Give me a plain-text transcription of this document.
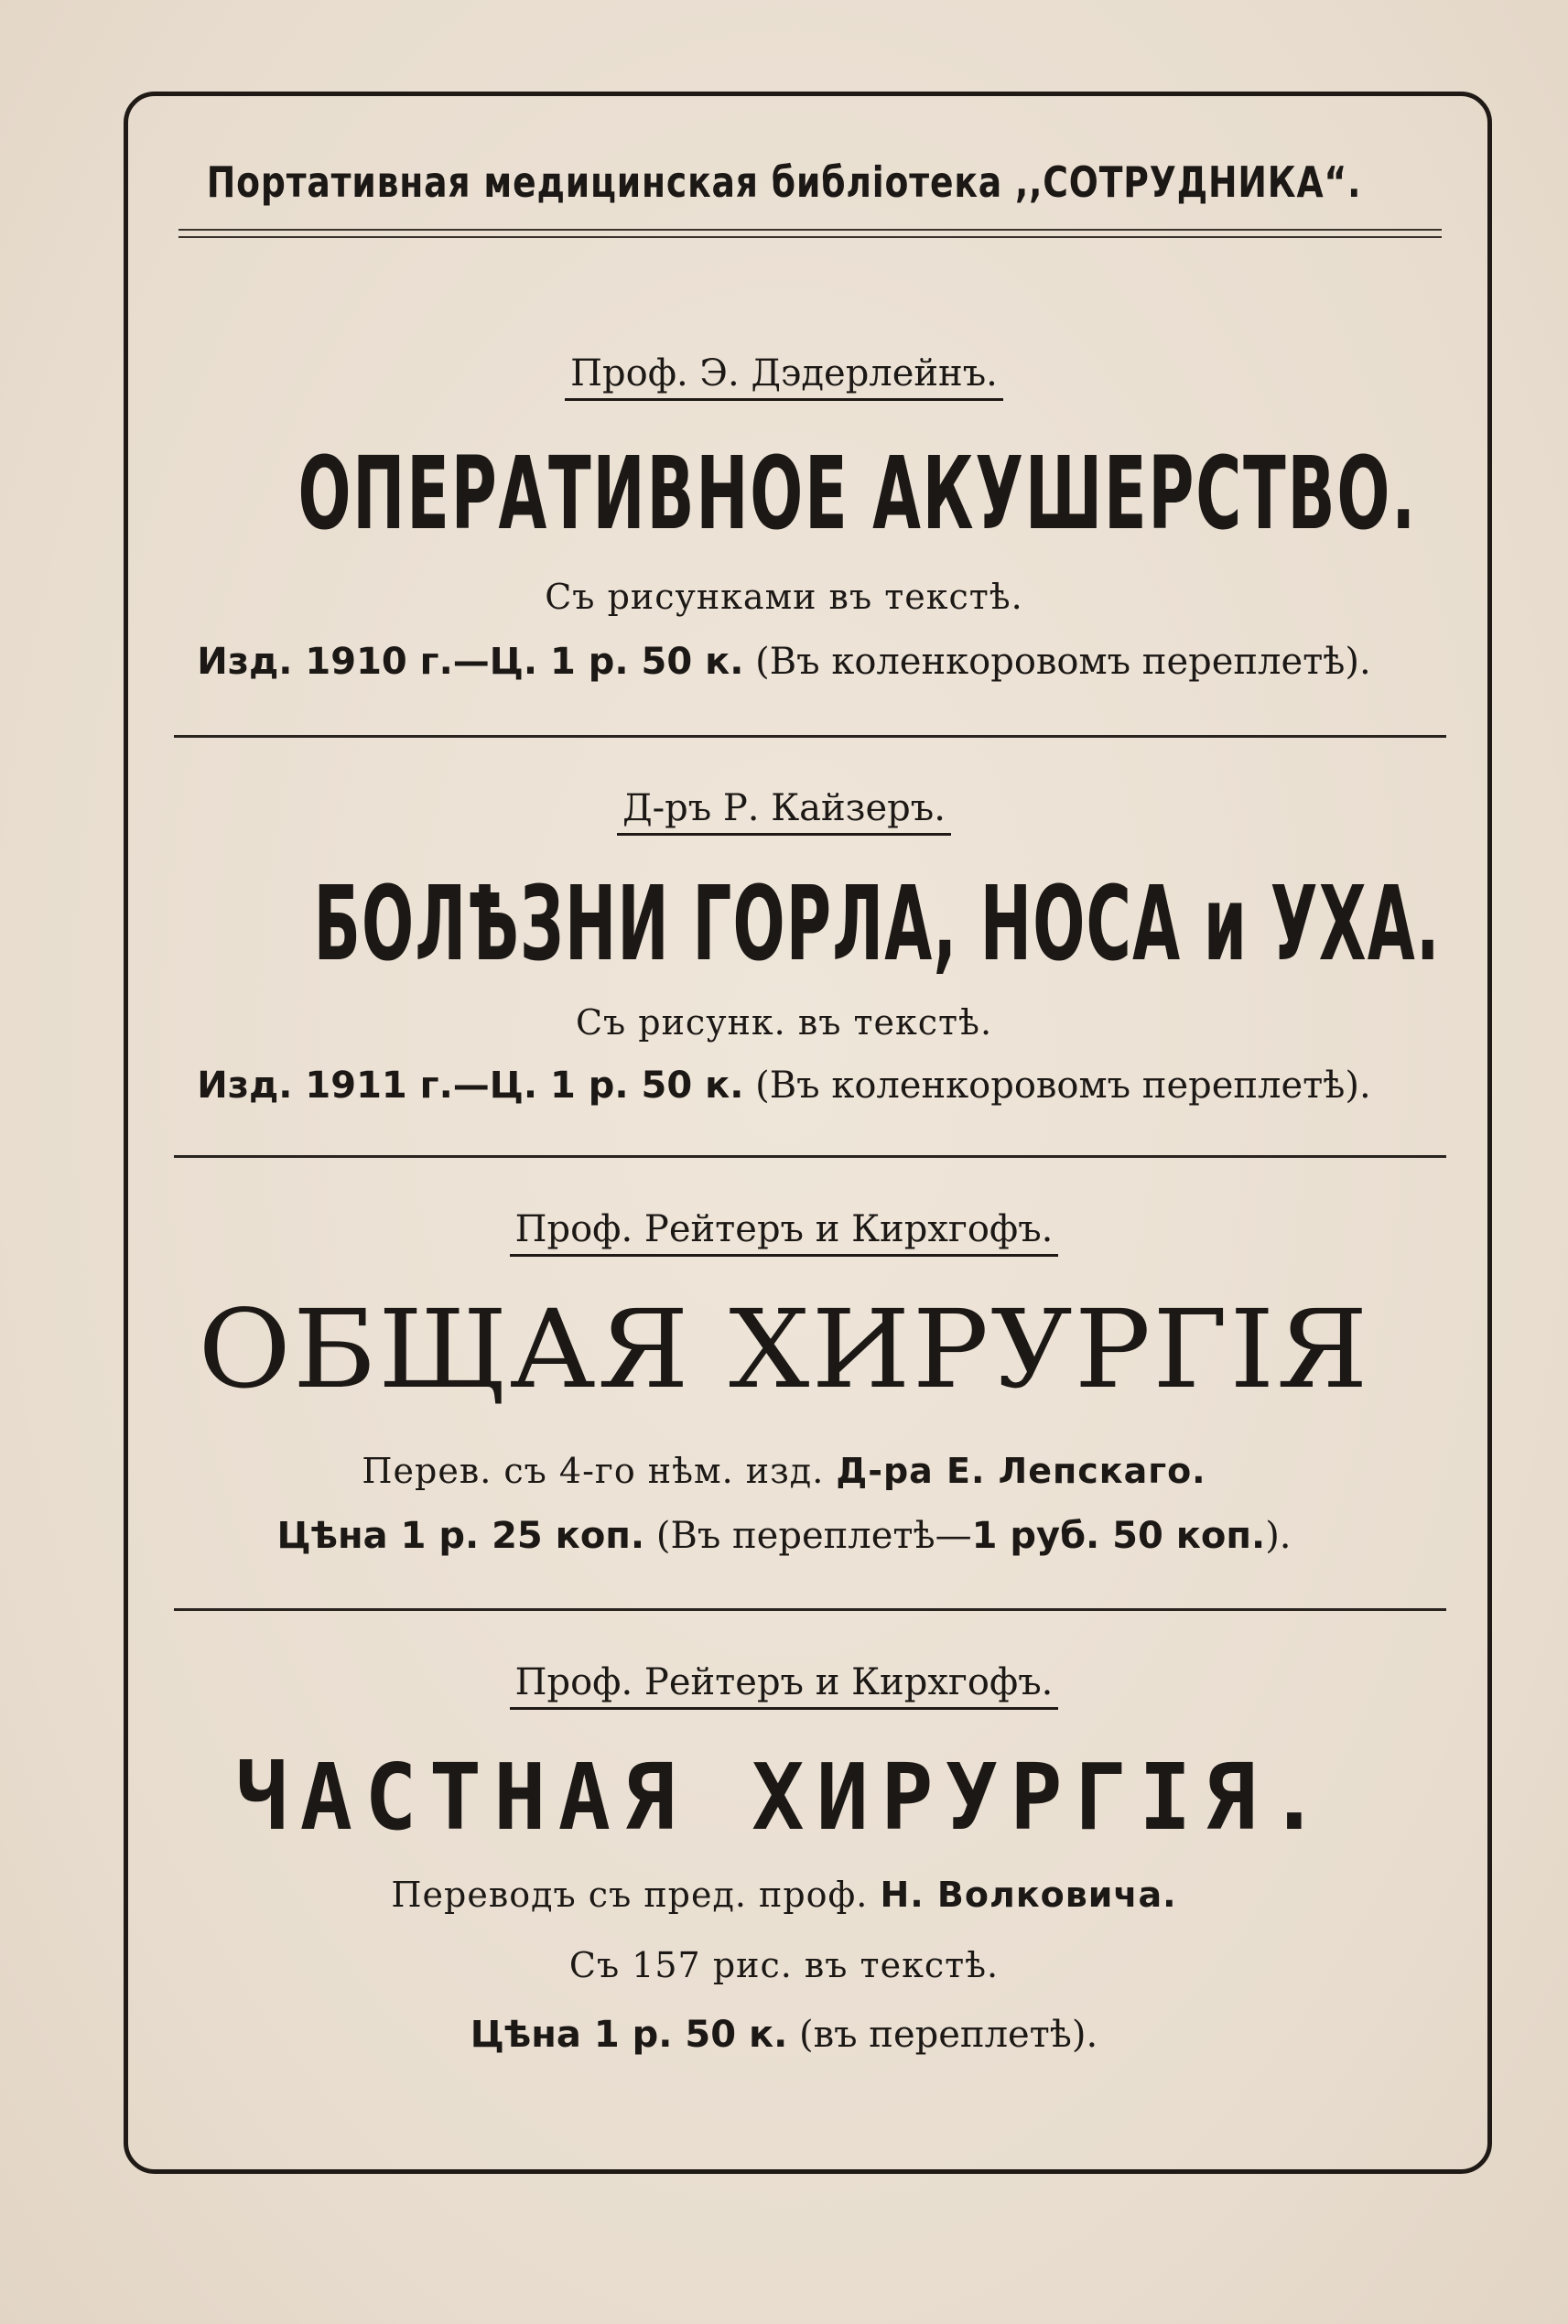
Портативная медицинская библіотека ,,СОТРУДНИКА“.
Проф. Э. Дэдерлейнъ.
ОПЕРАТИВНОЕ АКУШЕРСТВО.
Съ рисунками въ текстѣ.
Изд. 1910 г.—Ц. 1 р. 50 к. (Въ коленкоровомъ переплетѣ).
Д-ръ Р. Кайзеръ.
БОЛѢЗНИ ГОРЛА, НОСА и УХА.
Съ рисунк. въ текстѣ.
Изд. 1911 г.—Ц. 1 р. 50 к. (Въ коленкоровомъ переплетѣ).
Проф. Рейтеръ и Кирхгофъ.
ОБЩАЯ ХИРУРГІЯ
Перев. съ 4-го нѣм. изд. Д-ра Е. Лепскаго.
Цѣна 1 р. 25 коп. (Въ переплетѣ—1 руб. 50 коп.).
Проф. Рейтеръ и Кирхгофъ.
ЧАСТНАЯ ХИРУРГІЯ.
Переводъ съ пред. проф. Н. Волковича.
Съ 157 рис. въ текстѣ.
Цѣна 1 р. 50 к. (въ переплетѣ).
